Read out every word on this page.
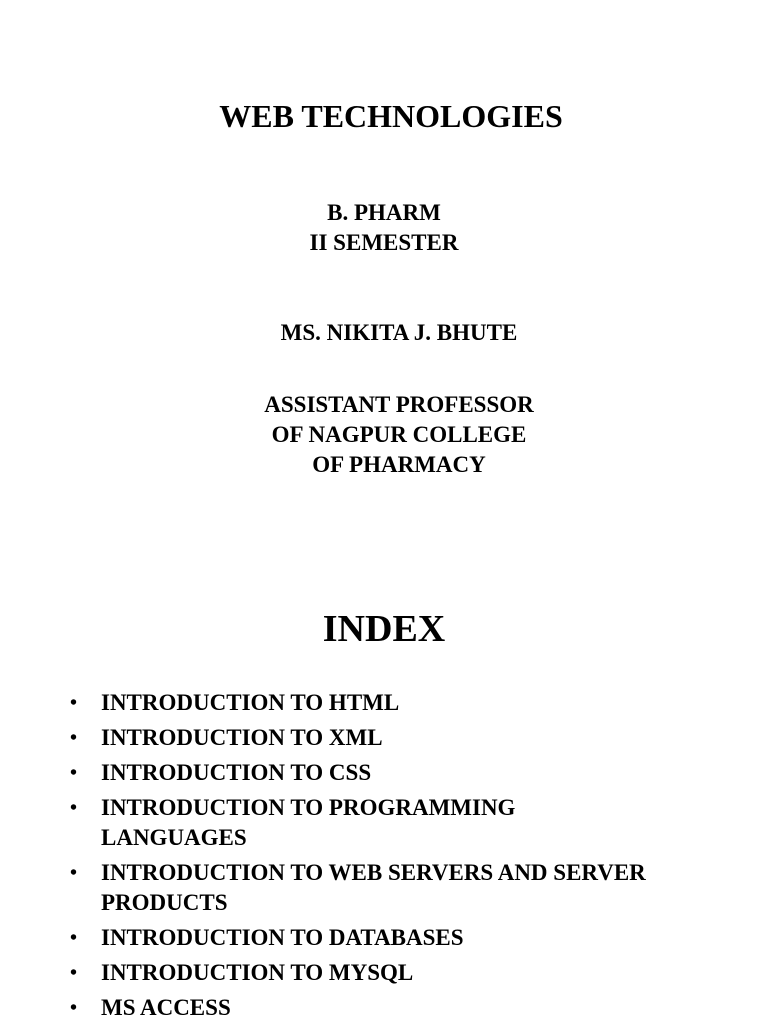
WEB TECHNOLOGIES
B. PHARM
II SEMESTER
MS. NIKITA J. BHUTE
ASSISTANT PROFESSOR
OF NAGPUR COLLEGE
OF PHARMACY
INDEX
• INTRODUCTION TO HTML
• INTRODUCTION TO XML
• INTRODUCTION TO CSS
• INTRODUCTION TO PROGRAMMING
LANGUAGES
• INTRODUCTION TO WEB SERVERS AND SERVER
PRODUCTS
• INTRODUCTION TO DATABASES
• INTRODUCTION TO MYSQL
• MS ACCESS
